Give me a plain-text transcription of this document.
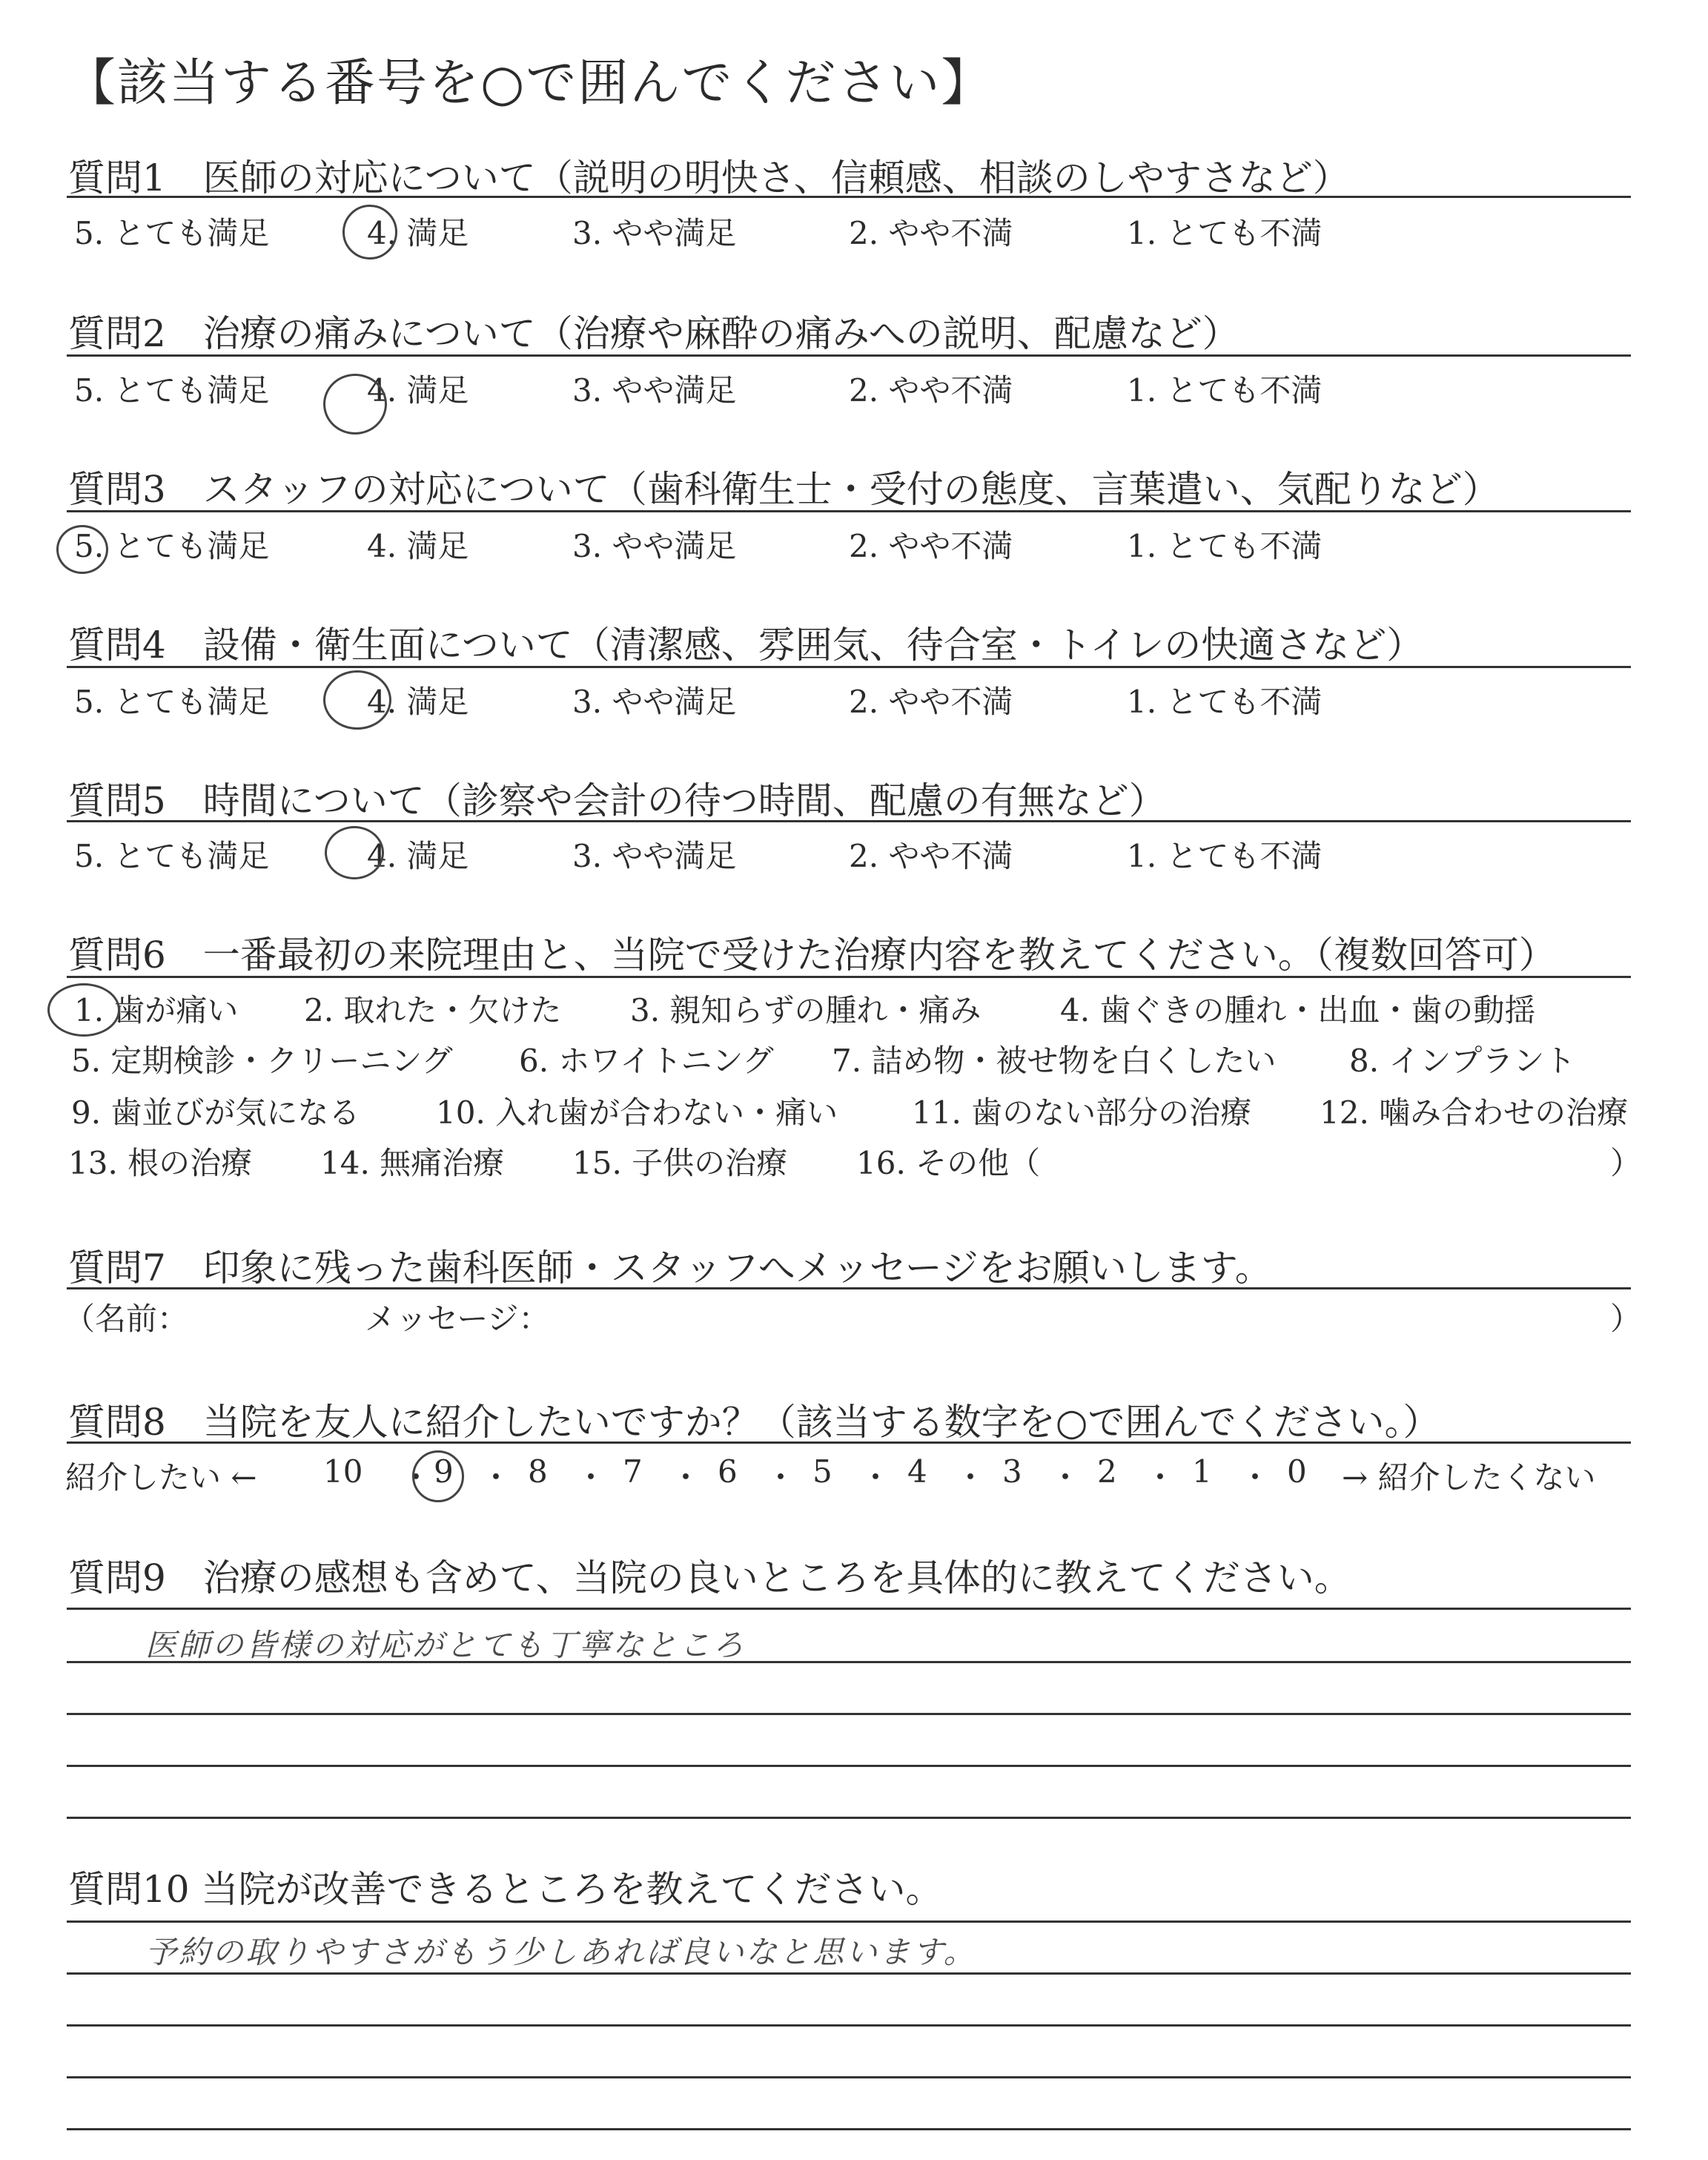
【該当する番号を○で囲んでください】
質問1　医師の対応について（説明の明快さ、信頼感、相談のしやすさなど）
5. とても満足	4. 満足	3. やや満足	2. やや不満	1. とても不満
質問2　治療の痛みについて（治療や麻酔の痛みへの説明、配慮など）
5. とても満足	4. 満足	3. やや満足	2. やや不満	1. とても不満
質問3　スタッフの対応について（歯科衛生士・受付の態度、言葉遣い、気配りなど）
5. とても満足	4. 満足	3. やや満足	2. やや不満	1. とても不満
質問4　設備・衛生面について（清潔感、雰囲気、待合室・トイレの快適さなど）
5. とても満足	4. 満足	3. やや満足	2. やや不満	1. とても不満
質問5　時間について（診察や会計の待つ時間、配慮の有無など）
5. とても満足	4. 満足	3. やや満足	2. やや不満	1. とても不満
質問6　一番最初の来院理由と、当院で受けた治療内容を教えてください。（複数回答可）
1. 歯が痛い 2. 取れた・欠けた 3. 親知らずの腫れ・痛み	4. 歯ぐきの腫れ・出血・歯の動揺
5. 定期検診・クリーニング 6. ホワイトニング 7. 詰め物・被せ物を白くしたい 8. インプラント
9. 歯並びが気になる 10. 入れ歯が合わない・痛い 11. 歯のない部分の治療 12. 噛み合わせの治療
13. 根の治療 14. 無痛治療 15. 子供の治療 16. その他（	）
質問7　印象に残った歯科医師・スタッフへメッセージをお願いします。
（名前：	メッセージ：	）
質問8　当院を友人に紹介したいですか？（該当する数字を○で囲んでください。）
紹介したい ← 10 ・ 9 ・ 8 ・ 7 ・ 6 ・ 5 ・ 4 ・ 3 ・ 2 ・ 1 ・ 0 → 紹介したくない
質問9　治療の感想も含めて、当院の良いところを具体的に教えてください。
医師の皆様の対応がとても丁寧なところ
質問10 当院が改善できるところを教えてください。
予約の取りやすさがもう少しあれば良いなと思います。
